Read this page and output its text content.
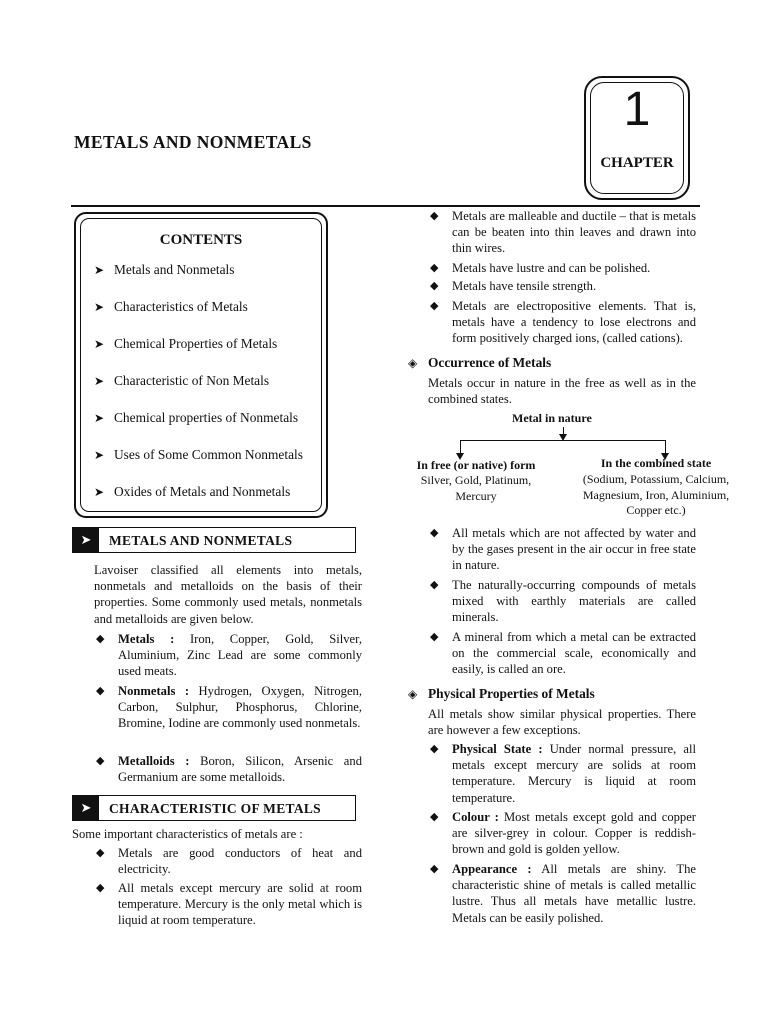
METALS AND NONMETALS
1
CHAPTER
CONTENTS
➤ Metals and Nonmetals
➤ Characteristics of Metals
➤ Chemical Properties of Metals
➤ Characteristic of Non Metals
➤ Chemical properties of Nonmetals
➤ Uses of Some Common Nonmetals
➤ Oxides of Metals and Nonmetals
➤	METALS AND NONMETALS
Lavoiser classified all elements into metals, nonmetals and metalloids on the basis of their properties. Some commonly used metals, nonmetals and metalloids are given below.
◆ Metals : Iron, Copper, Gold, Silver, Aluminium, Zinc Lead are some commonly used meats.
◆ Nonmetals : Hydrogen, Oxygen, Nitrogen, Carbon, Sulphur, Phosphorus, Chlorine, Bromine, Iodine are commonly used nonmetals.
◆ Metalloids : Boron, Silicon, Arsenic and Germanium are some metalloids.
➤	CHARACTERISTIC OF METALS
Some important characteristics of metals are :
◆ Metals are good conductors of heat and electricity.
◆ All metals except mercury are solid at room temperature. Mercury is the only metal which is liquid at room temperature.
◆ Metals are malleable and ductile – that is metals can be beaten into thin leaves and drawn into thin wires.
◆ Metals have lustre and can be polished.
◆ Metals have tensile strength.
◆ Metals are electropositive elements. That is, metals have a tendency to lose electrons and form positively charged ions, (called cations).
◈ Occurrence of Metals
Metals occur in nature in the free as well as in the combined states.
Metal in nature
In free (or native) form
Silver, Gold, Platinum, Mercury
In the combined state
(Sodium, Potassium, Calcium, Magnesium, Iron, Aluminium, Copper etc.)
◆ All metals which are not affected by water and by the gases present in the air occur in free state in nature.
◆ The naturally-occurring compounds of metals mixed with earthly materials are called minerals.
◆ A mineral from which a metal can be extracted on the commercial scale, economically and easily, is called an ore.
◈ Physical Properties of Metals
All metals show similar physical properties. There are however a few exceptions.
◆ Physical State : Under normal pressure, all metals except mercury are solids at room temperature. Mercury is liquid at room temperature.
◆ Colour : Most metals except gold and copper are silver-grey in colour. Copper is reddish-brown and gold is golden yellow.
◆ Appearance : All metals are shiny. The characteristic shine of metals is called metallic lustre. Thus all metals have metallic lustre. Metals can be easily polished.
